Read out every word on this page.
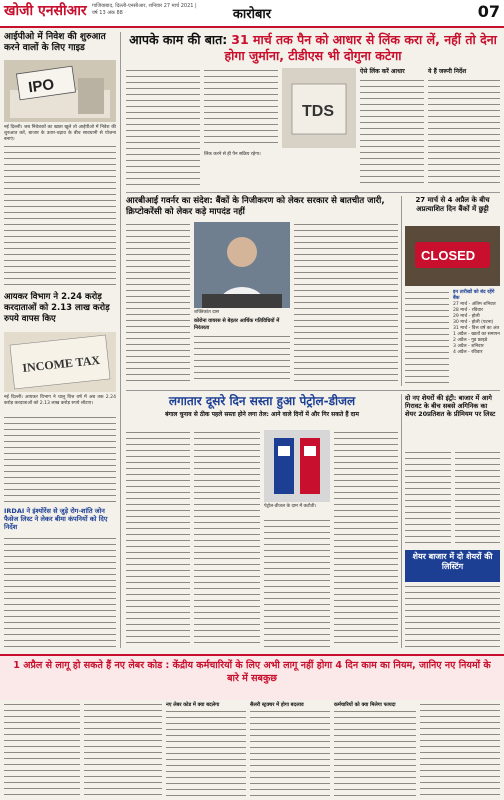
खोजी एनसीआर गाजियाबाद, दिल्ली-एनसीआर, शनिवार 27 मार्च 2021 | वर्ष 13 अंक 88	कारोबार	07
आईपीओ में निवेश की शुरुआत करने वालों के लिए गाइड
IPO
नई दिल्ली। जब निवेशकों का खाता खुले तो आईपीओ में निवेश की शुरुआत करें, बाजार के उतार-चढ़ाव के बीच सावधानी से योजना बनाएं।
आयकर विभाग ने 2.24 करोड़ करदाताओं को 2.13 लाख करोड़ रुपये वापस किए
INCOME TAX
नई दिल्ली। आयकर विभाग ने चालू वित्त वर्ष में अब तक 2.24 करोड़ करदाताओं को 2.13 लाख करोड़ रुपये लौटाए।
IRDAI ने इंश्योरेंस से जुड़े रोग-शांति जोन फैसेज लिस्ट ने लेकर बीमा कंपनियों को दिए निर्देश
आपके काम की बात: 31 मार्च तक पैन को आधार से लिंक करा लें, नहीं तो देना होगा जुर्माना, टीडीएस भी दोगुना कटेगा
TDS
लिंक करने से ही पैन सक्रिय रहेगा।
ऐसे लिंक करें आधार	ये हैं जरूरी निर्देश
आरबीआई गवर्नर का संदेश: बैंकों के निजीकरण को लेकर सरकार से बातचीत जारी, क्रिप्टोकरेंसी को लेकर कड़े मापदंड नहीं
शक्तिकांत दास
कोरोना वायरस से बेहतर आर्थिक गतिविधियों में निरंतरता
27 मार्च से 4 अप्रैल के बीच अप्रत्याशित दिन बैंकों में छुट्टी
CLOSED
इन तारीखों को बंद रहेंगे बैंक
27 मार्च - अंतिम शनिवार
28 मार्च - रविवार
29 मार्च - होली
30 मार्च - होली (पटना)
31 मार्च - वित्त वर्ष का अंत
1 अप्रैल - खातों का समापन
2 अप्रैल - गुड फ्राइडे
3 अप्रैल - शनिवार
4 अप्रैल - रविवार
लगातार दूसरे दिन सस्ता हुआ पेट्रोल-डीजल
बंगाल चुनाव से ठीक पहले सस्ता होने लगा तेल: आने वाले दिनों में और गिर सकते हैं दाम
पेट्रोल-डीजल के दाम में कटौती।
दो नए शेयरों की इंट्री: बाजार में आगे गिरावट के बीच सबसे अगिनिक का शेयर 20प्रतिशत के प्रीमियम पर लिस्ट
शेयर बाजार में दो शेयरों की लिस्टिंग
1 अप्रैल से लागू हो सकते हैं नए लेबर कोड : केंद्रीय कर्मचारियों के लिए अभी लागू नहीं होगा 4 दिन काम का नियम, जानिए नए नियमों के बारे में सबकुछ
नए लेबर कोड में क्या बदलेगा	सैलरी स्ट्रक्चर में होगा बदलाव	कर्मचारियों को क्या मिलेगा फायदा
